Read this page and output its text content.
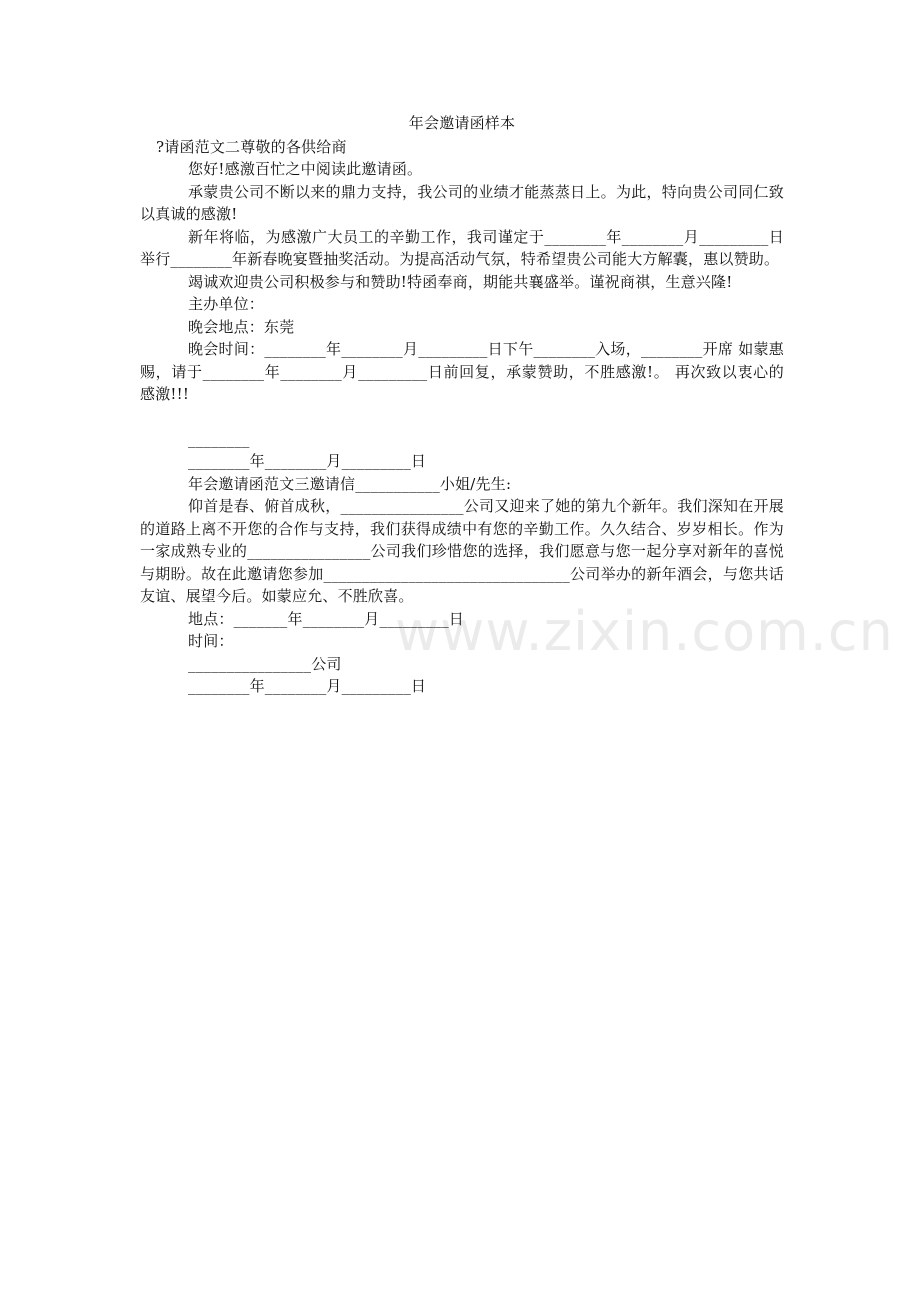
www.zixin.com.cn
年会邀请函样本

?请函范文二尊敬的各供给商

您好!感激百忙之中阅读此邀请函。

承蒙贵公司不断以来的鼎力支持，我公司的业绩才能蒸蒸日上。为此，特向贵公司同仁致以真诚的感激!

新年将临，为感激广大员工的辛勤工作，我司谨定于________年________月_________日举行________年新春晚宴暨抽奖活动。为提高活动气氛，特希望贵公司能大方解囊，惠以赞助。

竭诚欢迎贵公司积极参与和赞助!特函奉商，期能共襄盛举。谨祝商祺，生意兴隆!

主办单位：

晚会地点：东莞

晚会时间：________年________月_________日下午________入场，________开席 如蒙惠赐，请于________年________月_________日前回复，承蒙赞助，不胜感激!。 再次致以衷心的感激!!!

________

________年________月_________日

年会邀请函范文三邀请信___________小姐/先生:

仰首是春、俯首成秋，________________公司又迎来了她的第九个新年。我们深知在开展的道路上离不开您的合作与支持，我们获得成绩中有您的辛勤工作。久久结合、岁岁相长。作为一家成熟专业的________________公司我们珍惜您的选择，我们愿意与您一起分享对新年的喜悦与期盼。故在此邀请您参加________________________________公司举办的新年酒会，与您共话友谊、展望今后。如蒙应允、不胜欣喜。

地点：_______年________月_________日

时间：

________________公司

________年________月_________日
